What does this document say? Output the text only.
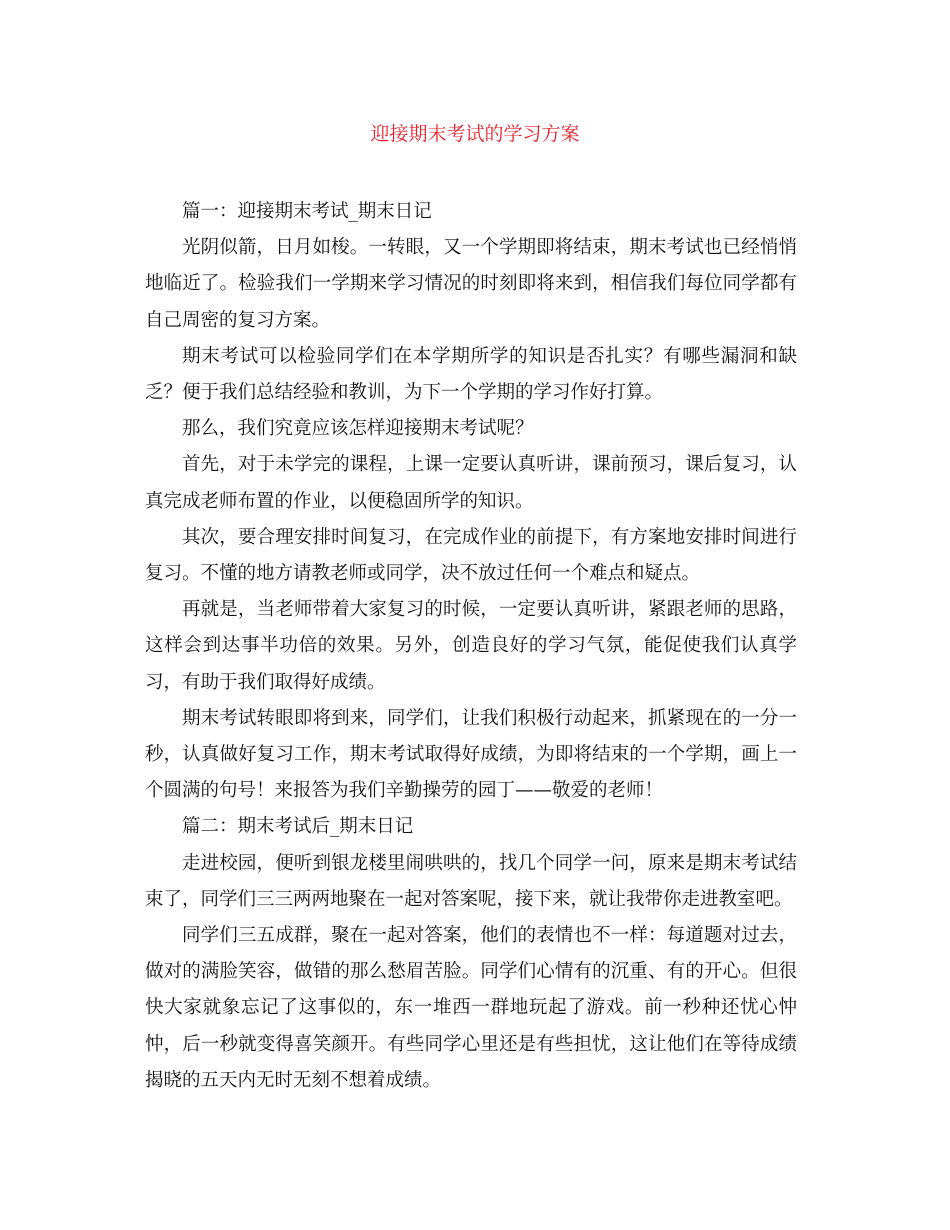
迎接期末考试的学习方案

篇一：迎接期末考试_期末日记

光阴似箭，日月如梭。一转眼，又一个学期即将结束，期末考试也已经悄悄地临近了。检验我们一学期来学习情况的时刻即将来到，相信我们每位同学都有自己周密的复习方案。

期末考试可以检验同学们在本学期所学的知识是否扎实？有哪些漏洞和缺乏？便于我们总结经验和教训，为下一个学期的学习作好打算。

那么，我们究竟应该怎样迎接期末考试呢？

首先，对于未学完的课程，上课一定要认真听讲，课前预习，课后复习，认真完成老师布置的作业，以便稳固所学的知识。

其次，要合理安排时间复习，在完成作业的前提下，有方案地安排时间进行复习。不懂的地方请教老师或同学，决不放过任何一个难点和疑点。

再就是，当老师带着大家复习的时候，一定要认真听讲，紧跟老师的思路，这样会到达事半功倍的效果。另外，创造良好的学习气氛，能促使我们认真学习，有助于我们取得好成绩。

期末考试转眼即将到来，同学们，让我们积极行动起来，抓紧现在的一分一秒，认真做好复习工作，期末考试取得好成绩，为即将结束的一个学期，画上一个圆满的句号！来报答为我们辛勤操劳的园丁——敬爱的老师！

篇二：期末考试后_期末日记

走进校园，便听到银龙楼里闹哄哄的，找几个同学一问，原来是期末考试结束了，同学们三三两两地聚在一起对答案呢，接下来，就让我带你走进教室吧。

同学们三五成群，聚在一起对答案，他们的表情也不一样：每道题对过去，做对的满脸笑容，做错的那么愁眉苦脸。同学们心情有的沉重、有的开心。但很快大家就象忘记了这事似的，东一堆西一群地玩起了游戏。前一秒种还忧心忡忡，后一秒就变得喜笑颜开。有些同学心里还是有些担忧，这让他们在等待成绩揭晓的五天内无时无刻不想着成绩。
